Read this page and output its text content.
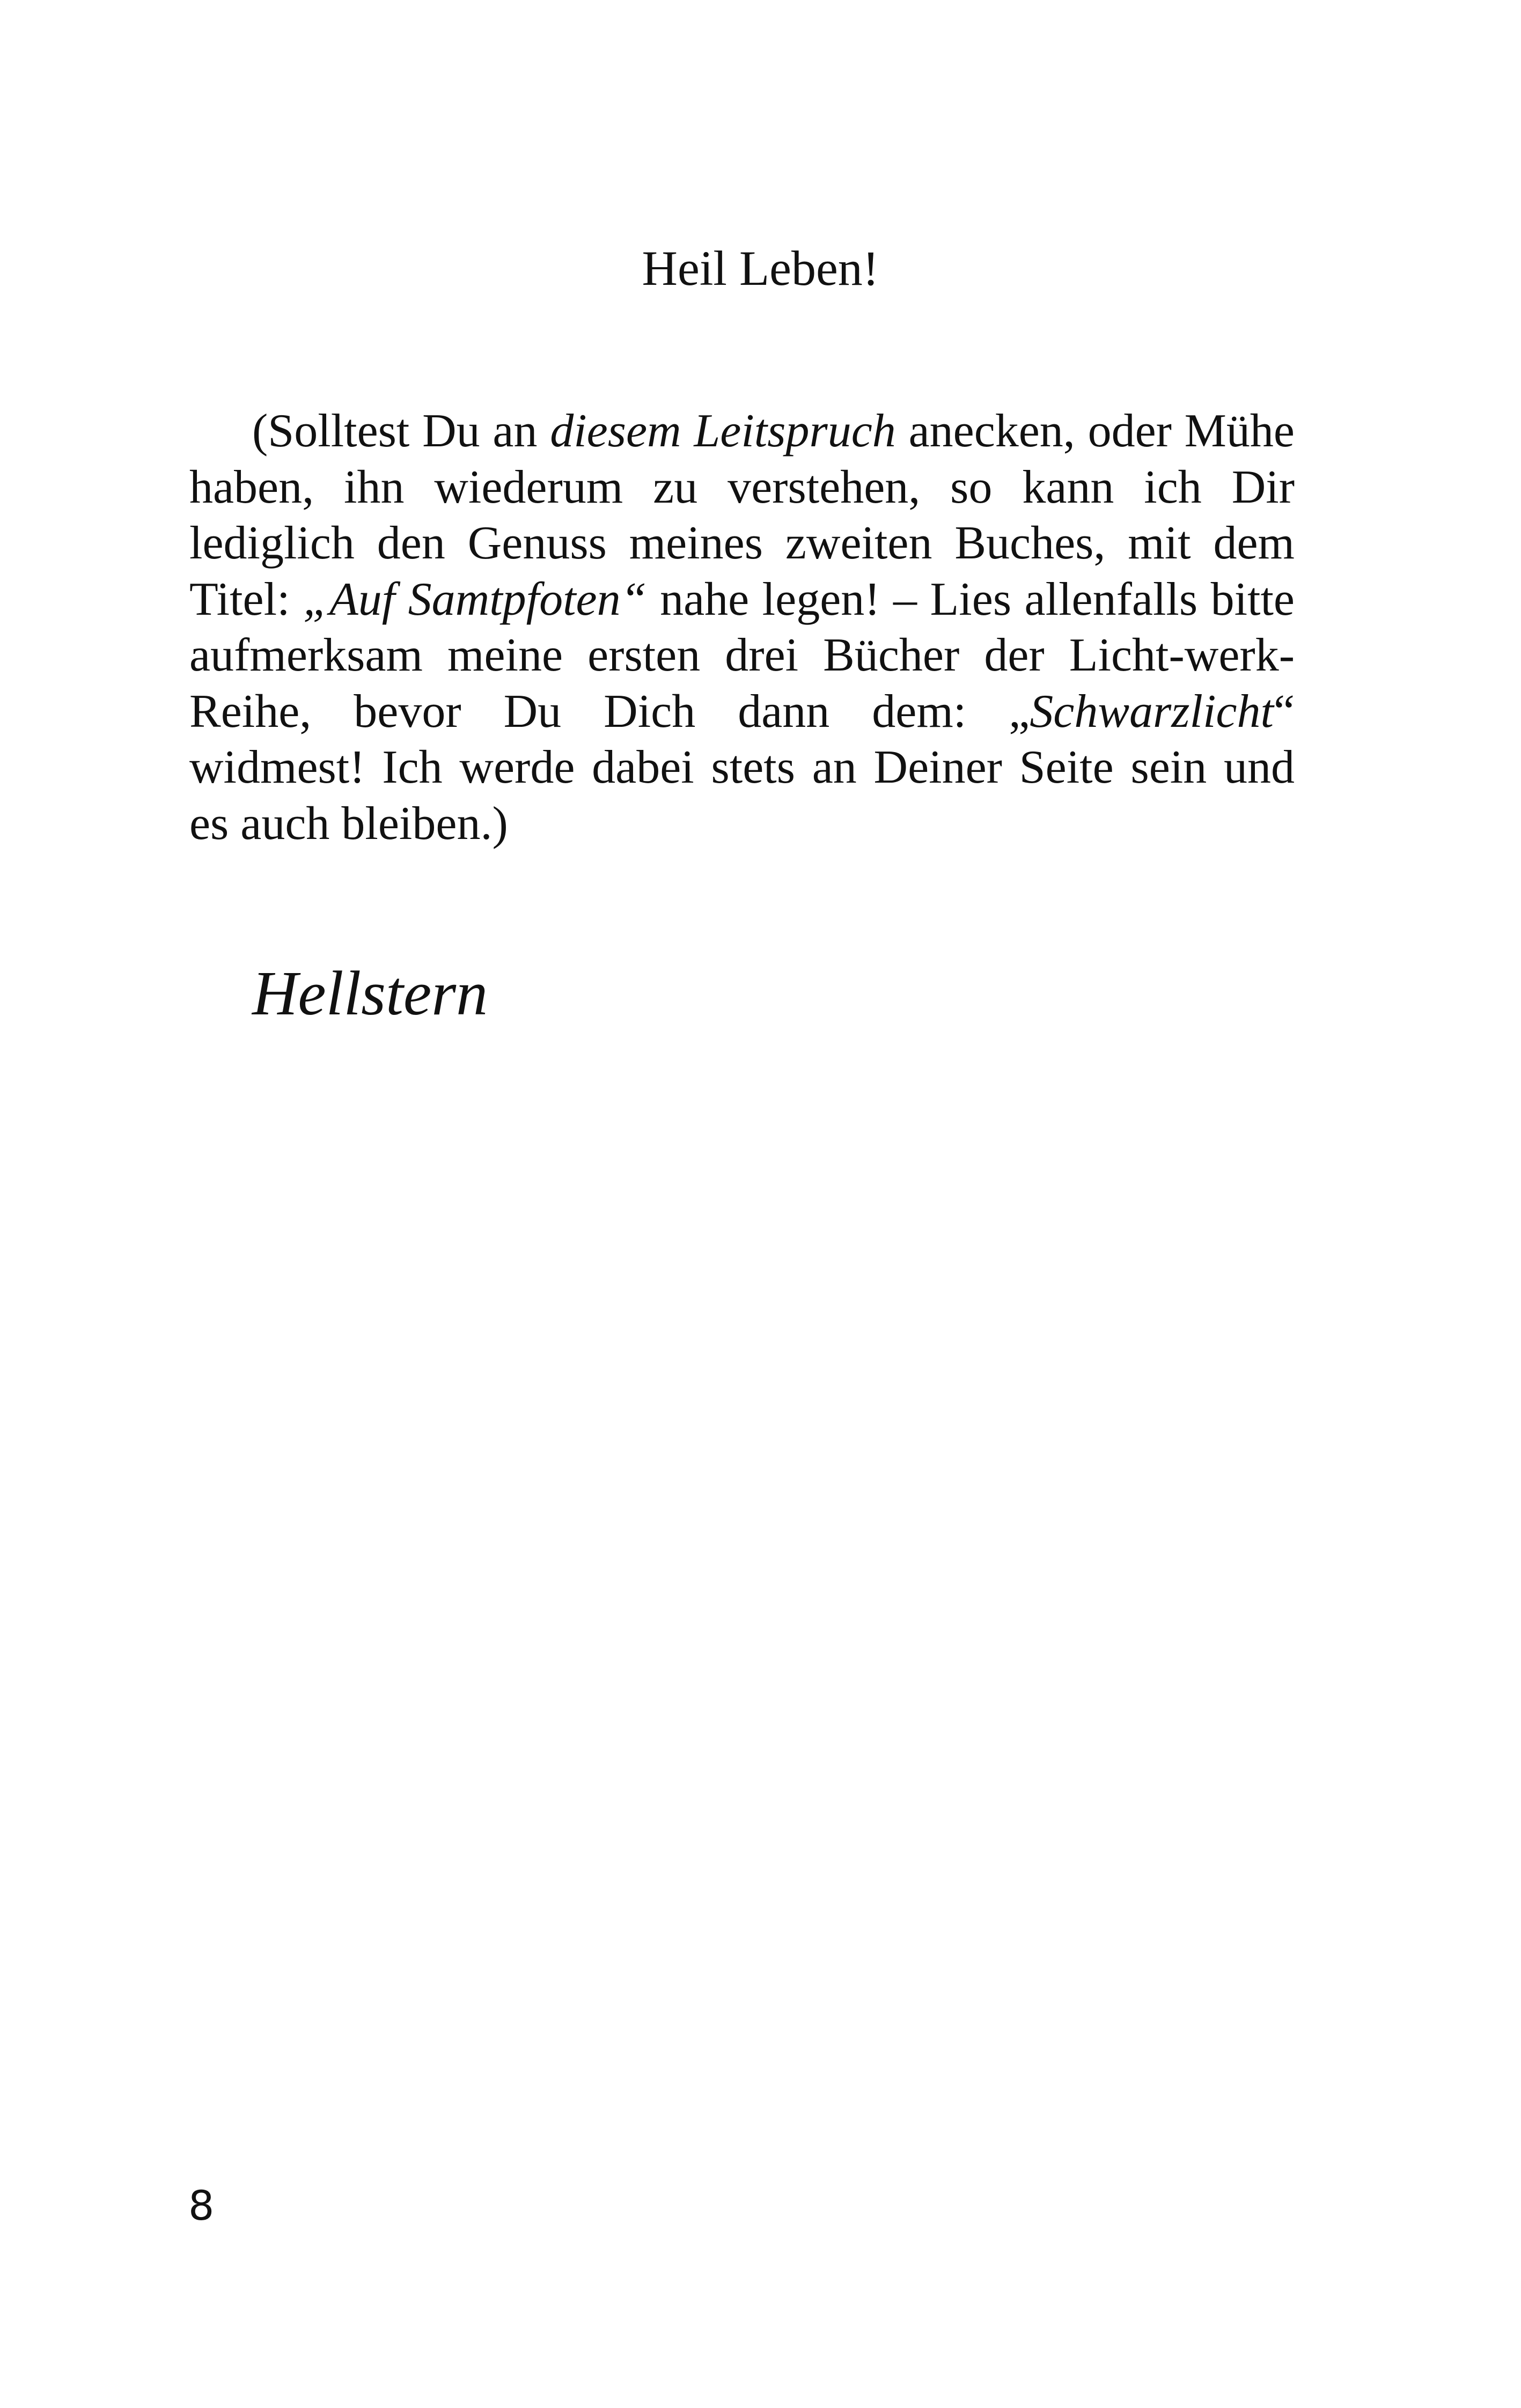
Heil Leben!

(Solltest Du an diesem Leitspruch anecken, oder Mühe haben, ihn wiederum zu verstehen, so kann ich Dir lediglich den Genuss meines zweiten Buches, mit dem Titel: „Auf Samtpfoten“ nahe legen! – Lies allenfalls bitte aufmerksam meine ersten drei Bücher der Licht-werk-Reihe, bevor Du Dich dann dem: „Schwarzlicht“ widmest! Ich werde dabei stets an Deiner Seite sein und es auch bleiben.)

Hellstern

8
